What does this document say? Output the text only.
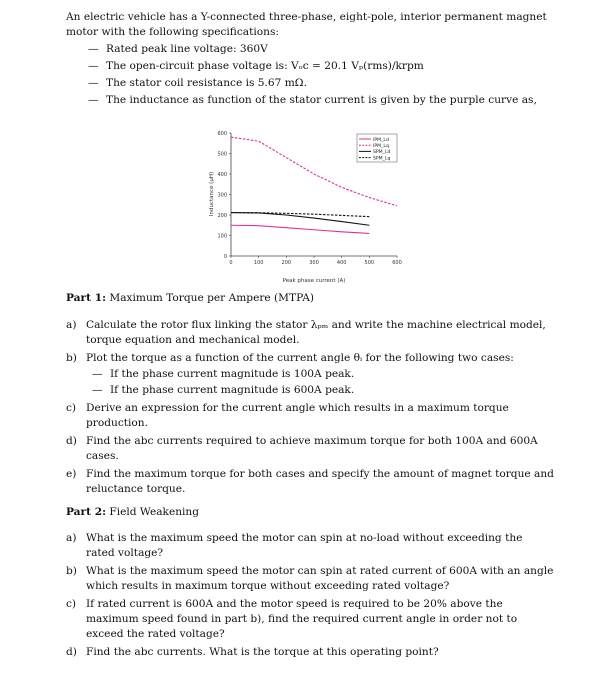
An electric vehicle has a Y-connected three-phase, eight-pole, interior permanent magnet motor with the following specifications:

— Rated peak line voltage: 360V
— The open-circuit phase voltage is: Vₒc = 20.1 Vₚ(rms)/krpm
— The stator coil resistance is 5.67 mΩ.
— The inductance as function of the stator current is given by the purple curve as,
0	100	200	300	400	500	600
0
100
200
300
400
500
600
IPM_Ld
IPM_Lq
SPM_Ld
SPM_Lq
Peak phase current (A)
Inductance (μH)
Part 1: Maximum Torque per Ampere (MTPA)
a) Calculate the rotor flux linking the stator λₚₘ and write the machine electrical model, torque equation and mechanical model.
b) Plot the torque as a function of the current angle θᵢ for the following two cases:
— If the phase current magnitude is 100A peak.
— If the phase current magnitude is 600A peak.
c) Derive an expression for the current angle which results in a maximum torque production.
d) Find the abc currents required to achieve maximum torque for both 100A and 600A cases.
e) Find the maximum torque for both cases and specify the amount of magnet torque and reluctance torque.
Part 2: Field Weakening
a) What is the maximum speed the motor can spin at no-load without exceeding the rated voltage?
b) What is the maximum speed the motor can spin at rated current of 600A with an angle which results in maximum torque without exceeding rated voltage?
c) If rated current is 600A and the motor speed is required to be 20% above the maximum speed found in part b), find the required current angle in order not to exceed the rated voltage?
d) Find the abc currents. What is the torque at this operating point?
